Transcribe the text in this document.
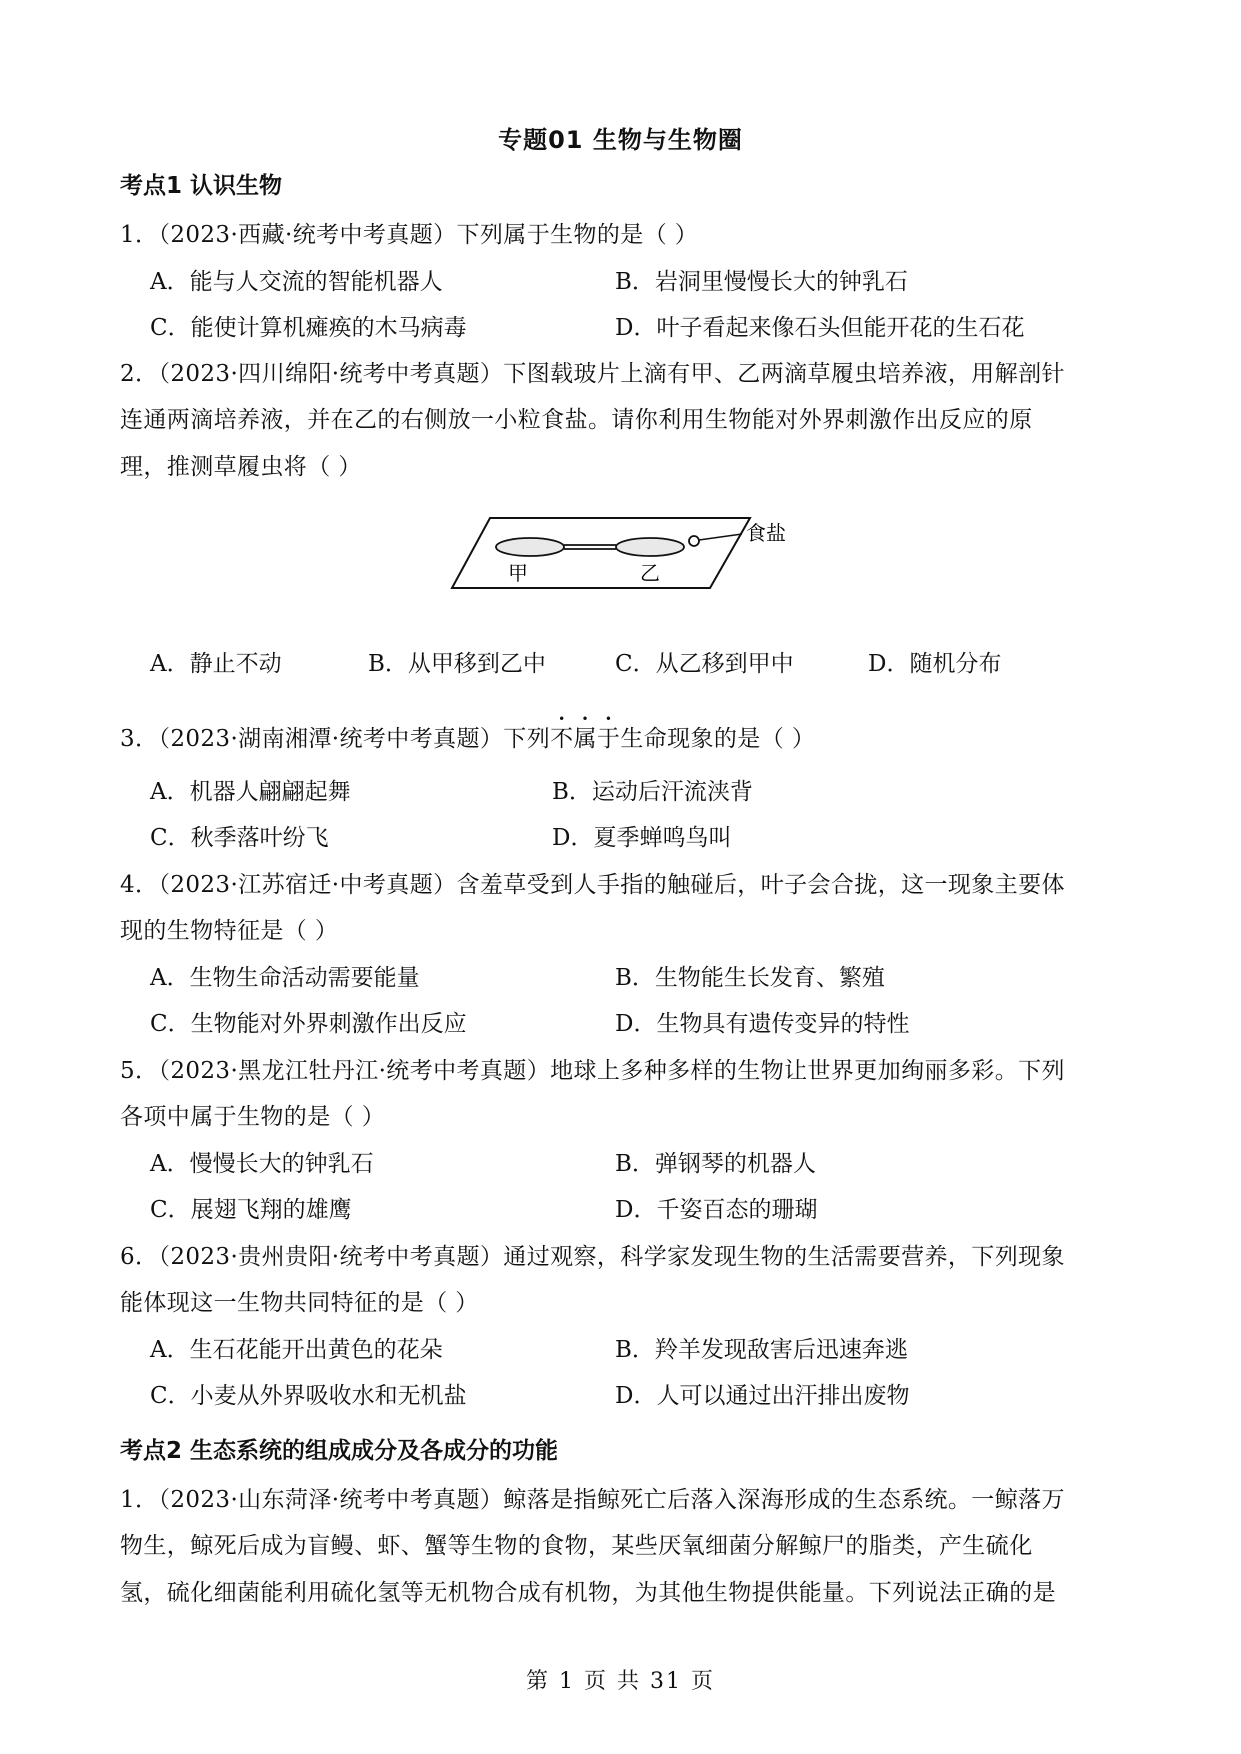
专题01 生物与生物圈
考点1 认识生物
1．（2023·西藏·统考中考真题）下列属于生物的是（ ）
A．能与人交流的智能机器人	B．岩洞里慢慢长大的钟乳石
C．能使计算机瘫痪的木马病毒	D．叶子看起来像石头但能开花的生石花
2．（2023·四川绵阳·统考中考真题）下图载玻片上滴有甲、乙两滴草履虫培养液，用解剖针
连通两滴培养液，并在乙的右侧放一小粒食盐。请你利用生物能对外界刺激作出反应的原
理，推测草履虫将（ ）
甲	乙
食盐
A．静止不动	B．从甲移到乙中	C．从乙移到甲中	D．随机分布
3．（2023·湖南湘潭·统考中考真题）下列不属于生命现象的是（ ）
A．机器人翩翩起舞	B．运动后汗流浃背
C．秋季落叶纷飞	D．夏季蝉鸣鸟叫
4．（2023·江苏宿迁·中考真题）含羞草受到人手指的触碰后，叶子会合拢，这一现象主要体
现的生物特征是（ ）
A．生物生命活动需要能量	B．生物能生长发育、繁殖
C．生物能对外界刺激作出反应	D．生物具有遗传变异的特性
5．（2023·黑龙江牡丹江·统考中考真题）地球上多种多样的生物让世界更加绚丽多彩。下列
各项中属于生物的是（ ）
A．慢慢长大的钟乳石	B．弹钢琴的机器人
C．展翅飞翔的雄鹰	D．千姿百态的珊瑚
6．（2023·贵州贵阳·统考中考真题）通过观察，科学家发现生物的生活需要营养，下列现象
能体现这一生物共同特征的是（ ）
A．生石花能开出黄色的花朵	B．羚羊发现敌害后迅速奔逃
C．小麦从外界吸收水和无机盐	D．人可以通过出汗排出废物
考点2 生态系统的组成成分及各成分的功能
1．（2023·山东菏泽·统考中考真题）鲸落是指鲸死亡后落入深海形成的生态系统。一鲸落万
物生，鲸死后成为盲鳗、虾、蟹等生物的食物，某些厌氧细菌分解鲸尸的脂类，产生硫化
氢，硫化细菌能利用硫化氢等无机物合成有机物，为其他生物提供能量。下列说法正确的是
第 1 页 共 31 页
